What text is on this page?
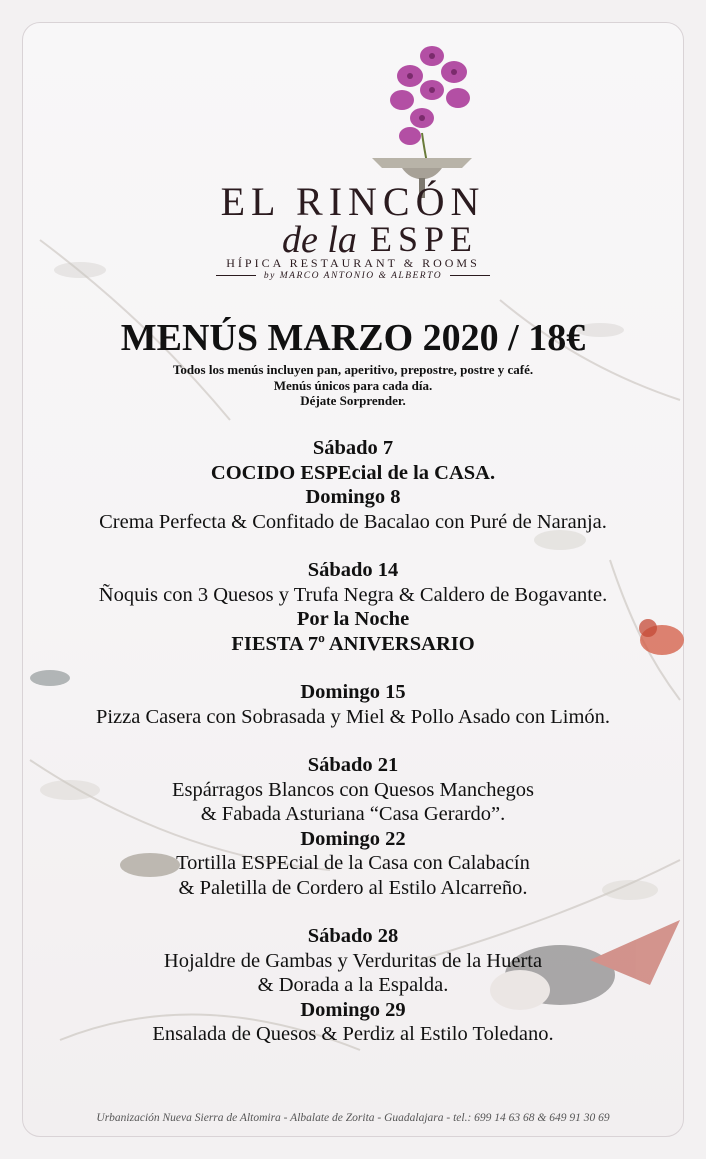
EL RINCÓN
de la ESPE
HÍPICA RESTAURANT & ROOMS
by MARCO ANTONIO & ALBERTO
MENÚS MARZO 2020 / 18€
Todos los menús incluyen pan, aperitivo, prepostre, postre y café.
Menús únicos para cada día.
Déjate Sorprender.
Sábado 7
COCIDO ESPEcial de la CASA.
Domingo 8
Crema Perfecta & Confitado de Bacalao con Puré de Naranja.
Sábado 14
Ñoquis con 3 Quesos y Trufa Negra & Caldero de Bogavante.
Por la Noche
FIESTA 7º ANIVERSARIO
Domingo 15
Pizza Casera con Sobrasada y Miel & Pollo Asado con Limón.
Sábado 21
Espárragos Blancos con Quesos Manchegos
& Fabada Asturiana “Casa Gerardo”.
Domingo 22
Tortilla ESPEcial de la Casa con Calabacín
& Paletilla de Cordero al Estilo Alcarreño.
Sábado 28
Hojaldre de Gambas y Verduritas de la Huerta
& Dorada a la Espalda.
Domingo 29
Ensalada de Quesos & Perdiz al Estilo Toledano.
Urbanización Nueva Sierra de Altomira - Albalate de Zorita - Guadalajara - tel.: 699 14 63 68 & 649 91 30 69
